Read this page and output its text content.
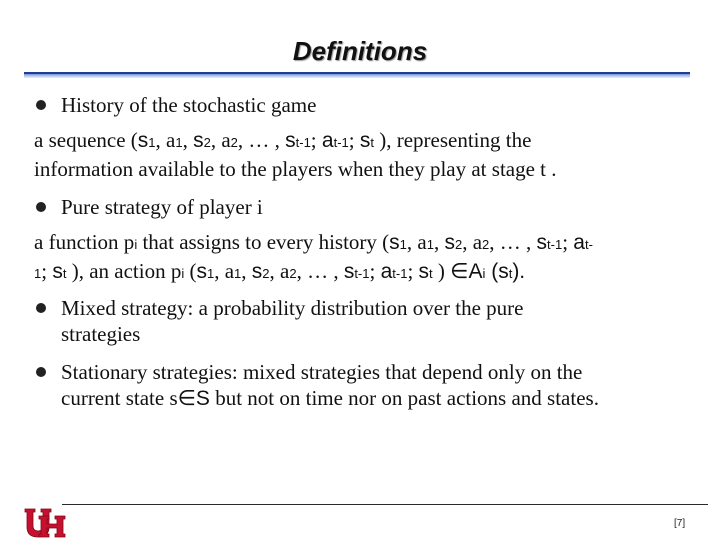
Definitions
History of the stochastic game
a sequence (s1, a1, s2, a2, … , st-1; at-1; st ), representing the
information available to the players when they play at stage t .
Pure strategy of player i
a function pi that assigns to every history (s1, a1, s2, a2, … , st-1; at-
1; st ), an action pi (s1, a1, s2, a2, … , st-1; at-1; st ) ∈Ai (st).
Mixed strategy: a probability distribution over the pure
strategies
Stationary strategies: mixed strategies that depend only on the
current state s∈S but not on time nor on past actions and states.
[7]
